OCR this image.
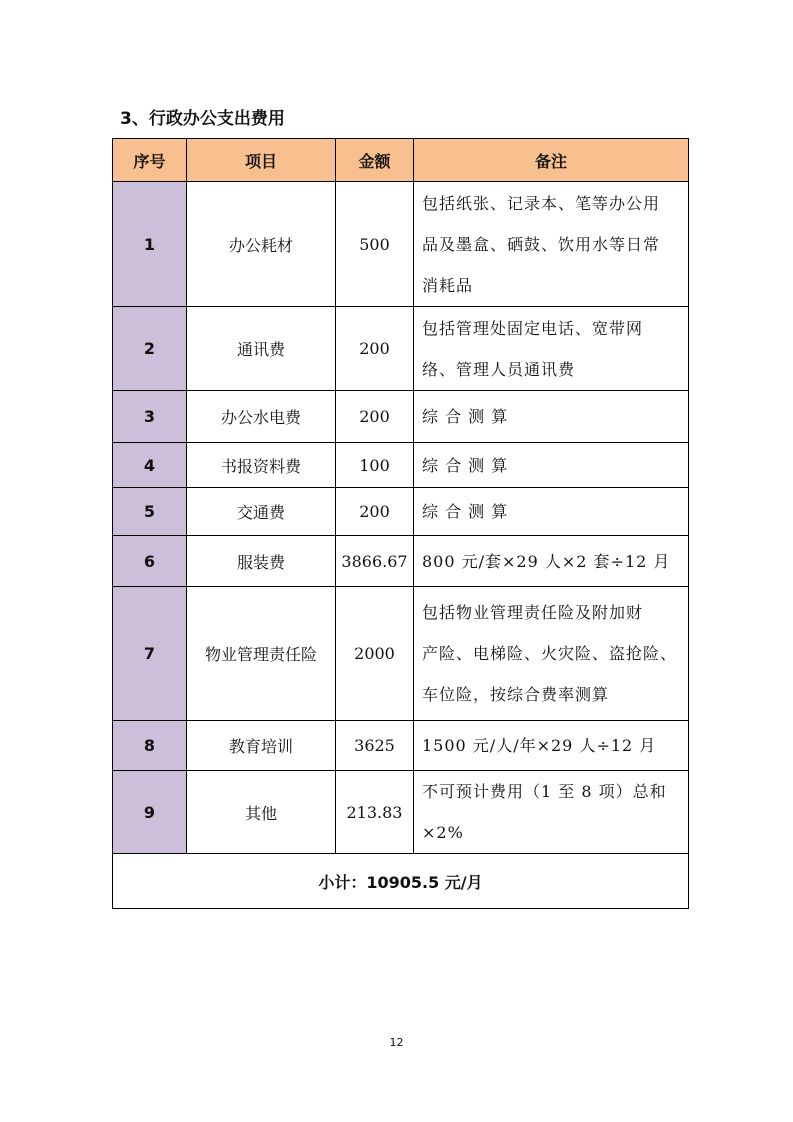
3、行政办公支出费用
序号	项目	金额	备注
1	办公耗材	500	包括纸张、记录本、笔等办公用
品及墨盒、硒鼓、饮用水等日常
消耗品

2	通讯费	200	包括管理处固定电话、宽带网
络、管理人员通讯费

3	办公水电费	200	综 合 测 算

4	书报资料费	100	综 合 测 算

5	交通费	200	综 合 测 算

6	服装费	3866.67	800 元/套×29 人×2 套÷12 月

7	物业管理责任险	2000	包括物业管理责任险及附加财
产险、电梯险、火灾险、盗抢险、
车位险，按综合费率测算

8	教育培训	3625	1500 元/人/年×29 人÷12 月

9	其他	213.83	不可预计费用（1 至 8 项）总和
×2%

小计：10905.5 元/月			
12
